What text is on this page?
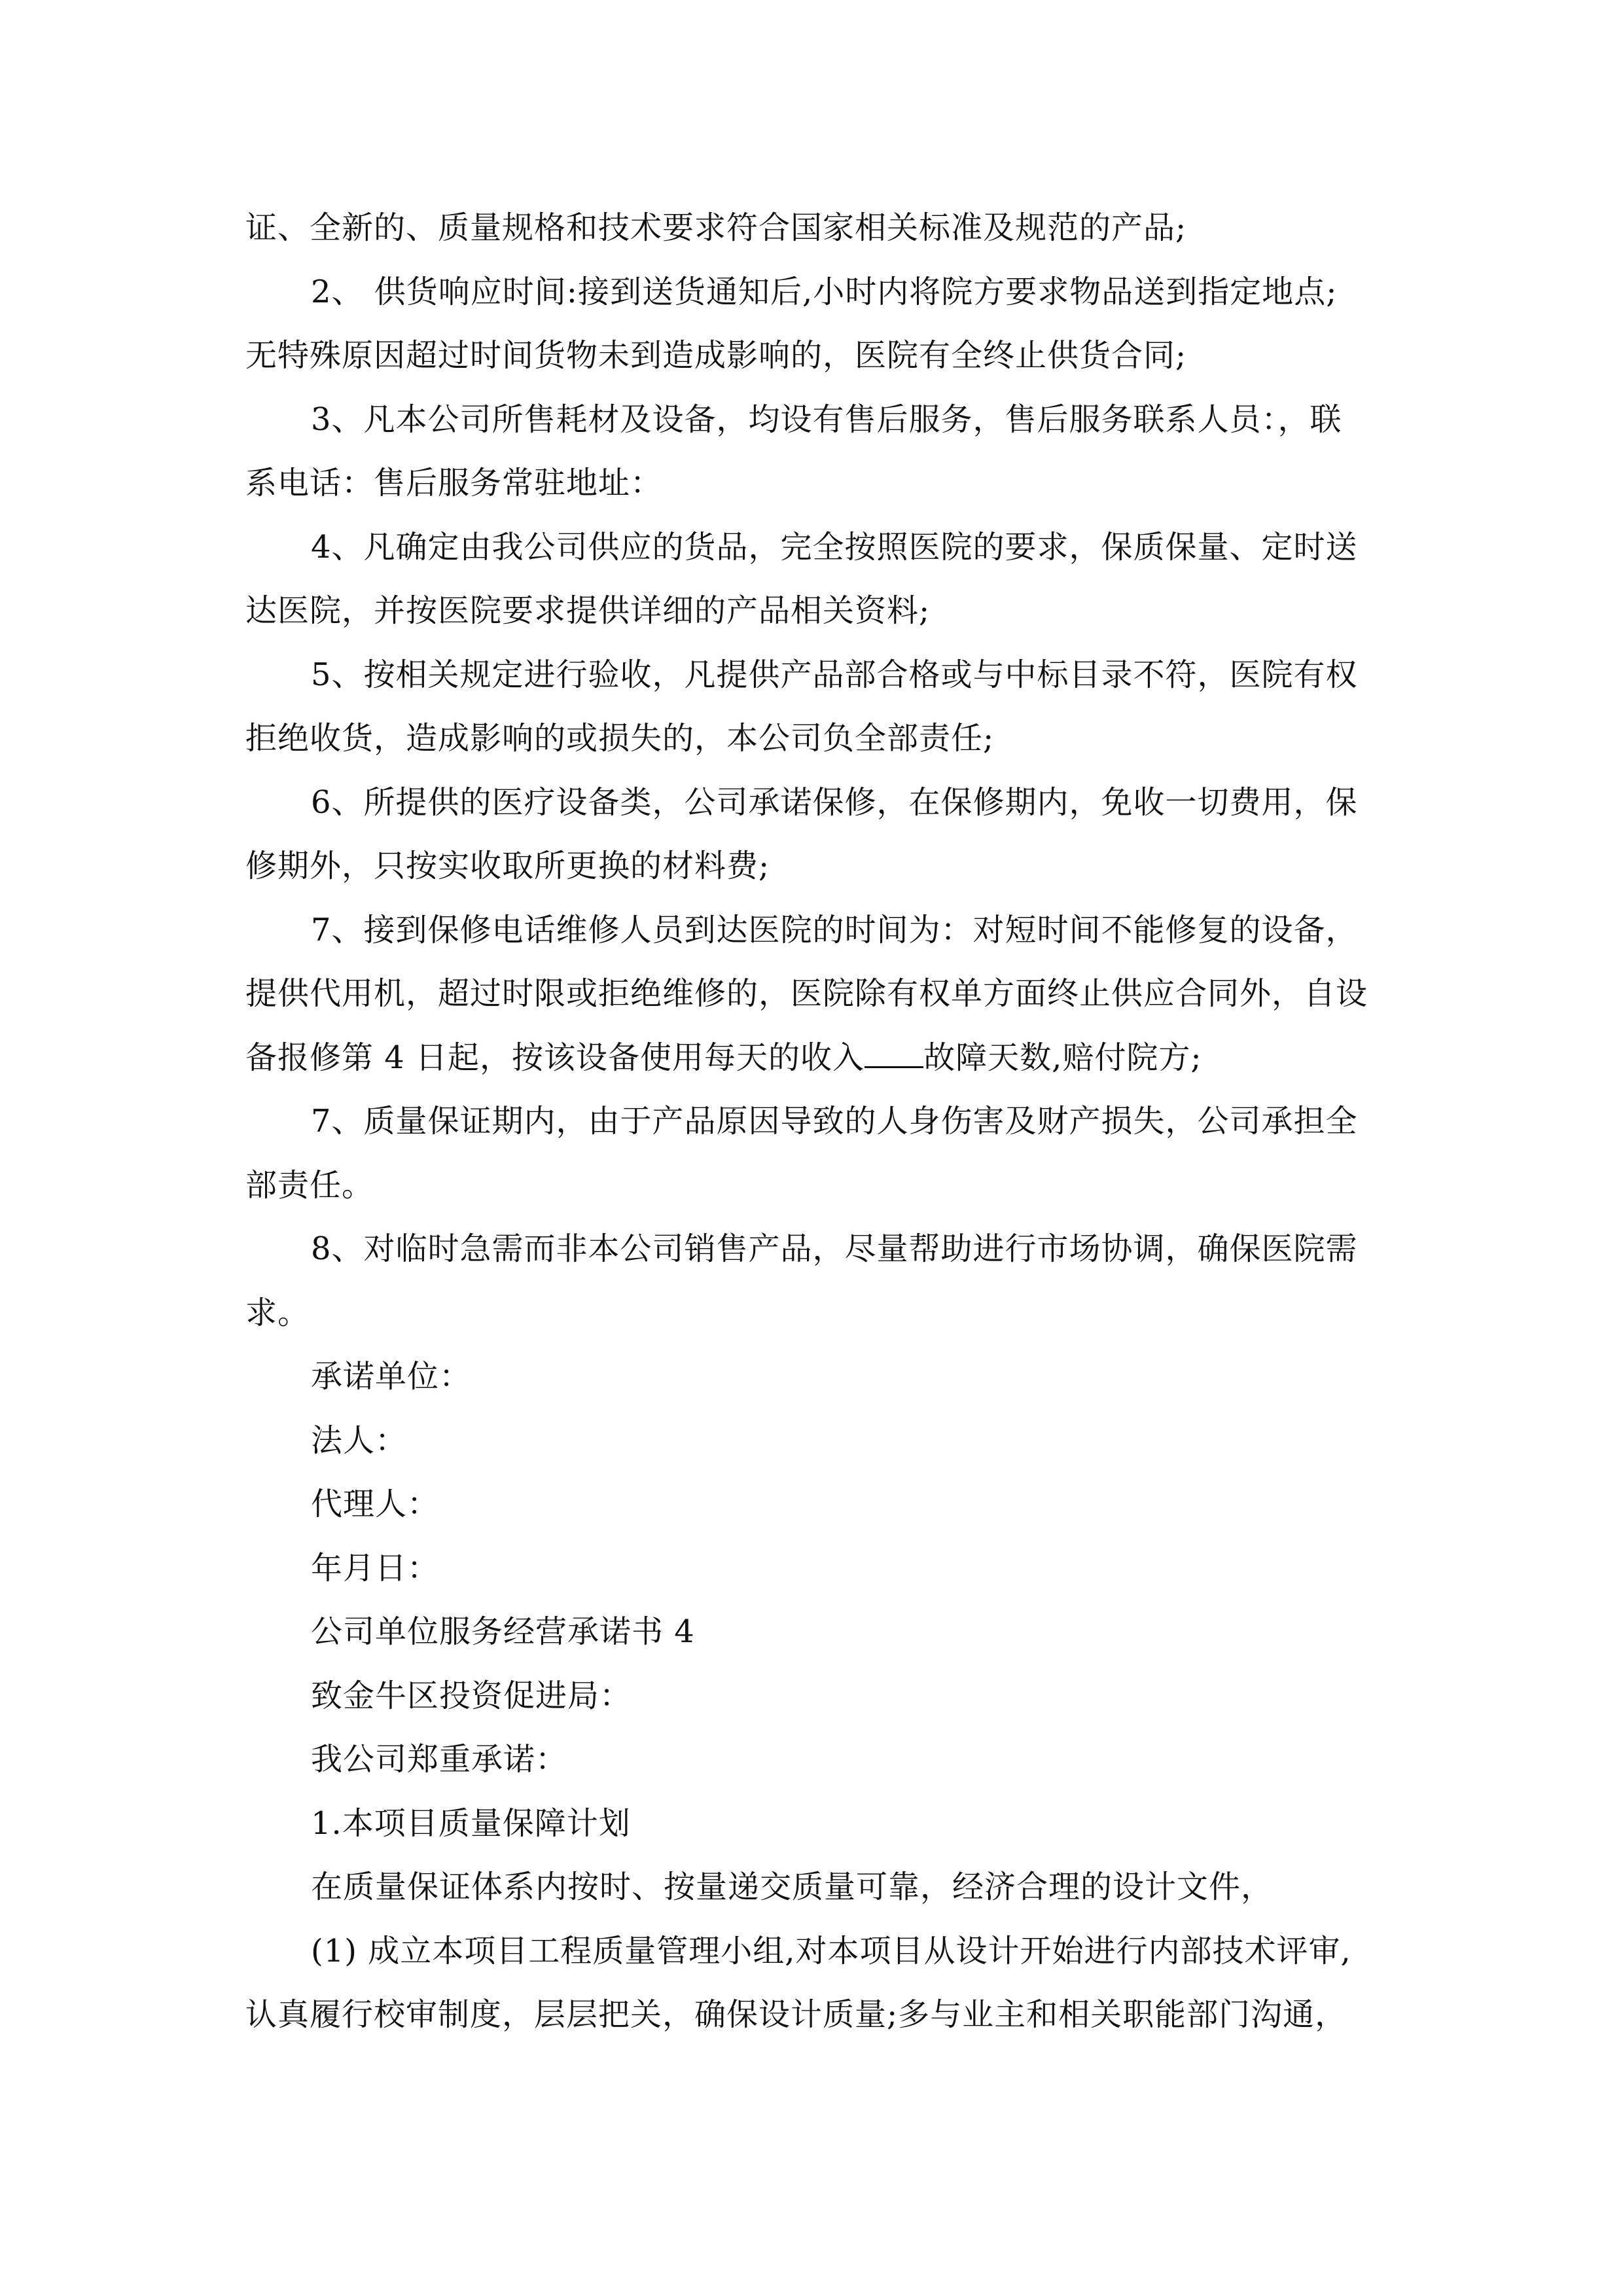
证、全新的、质量规格和技术要求符合国家相关标准及规范的产品;
2、 供货响应时间:接到送货通知后,小时内将院方要求物品送到指定地点;
无特殊原因超过时间货物未到造成影响的，医院有全终止供货合同;
3、凡本公司所售耗材及设备，均设有售后服务，售后服务联系人员：，联
系电话：售后服务常驻地址：
4、凡确定由我公司供应的货品，完全按照医院的要求，保质保量、定时送
达医院，并按医院要求提供详细的产品相关资料;
5、按相关规定进行验收，凡提供产品部合格或与中标目录不符，医院有权
拒绝收货，造成影响的或损失的，本公司负全部责任;
6、所提供的医疗设备类，公司承诺保修，在保修期内，免收一切费用，保
修期外，只按实收取所更换的材料费;
7、接到保修电话维修人员到达医院的时间为：对短时间不能修复的设备，
提供代用机，超过时限或拒绝维修的，医院除有权单方面终止供应合同外，自设
备报修第 4 日起，按该设备使用每天的收入 故障天数,赔付院方;
7、质量保证期内，由于产品原因导致的人身伤害及财产损失，公司承担全
部责任。
8、对临时急需而非本公司销售产品，尽量帮助进行市场协调，确保医院需
求。
承诺单位：
法人：
代理人：
年月日：
公司单位服务经营承诺书 4
致金牛区投资促进局：
我公司郑重承诺：
1.本项目质量保障计划
在质量保证体系内按时、按量递交质量可靠，经济合理的设计文件，
(1) 成立本项目工程质量管理小组,对本项目从设计开始进行内部技术评审,
认真履行校审制度，层层把关，确保设计质量;多与业主和相关职能部门沟通，
